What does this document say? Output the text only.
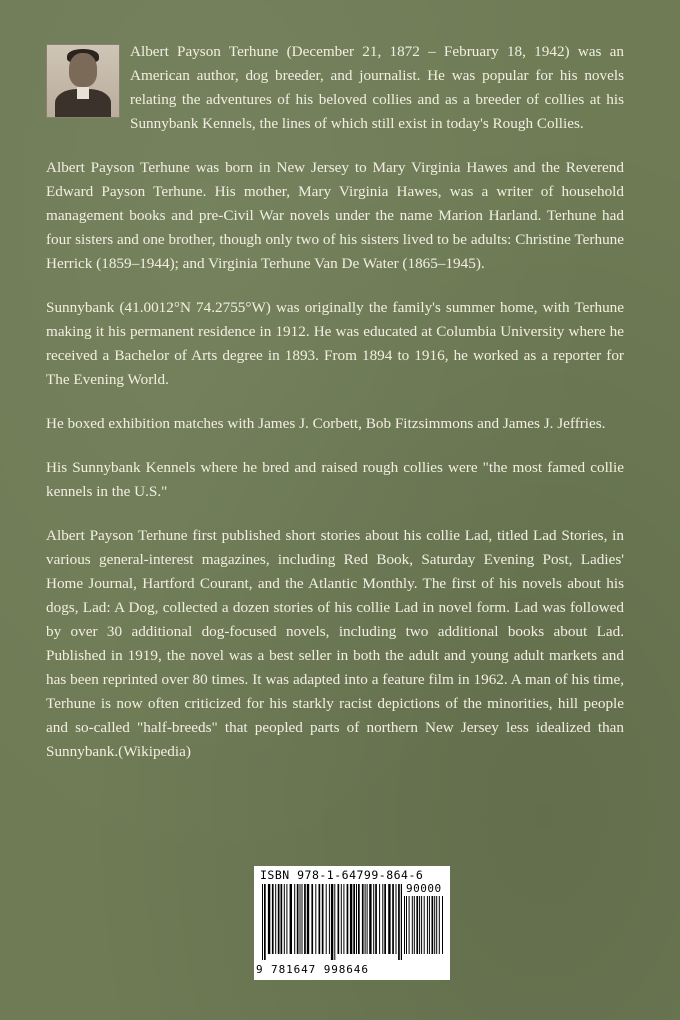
Albert Payson Terhune (December 21, 1872 – February 18, 1942) was an American author, dog breeder, and journalist. He was popular for his novels relating the adventures of his beloved collies and as a breeder of collies at his Sunnybank Kennels, the lines of which still exist in today's Rough Collies.

Albert Payson Terhune was born in New Jersey to Mary Virginia Hawes and the Reverend Edward Payson Terhune. His mother, Mary Virginia Hawes, was a writer of household management books and pre-Civil War novels under the name Marion Harland. Terhune had four sisters and one brother, though only two of his sisters lived to be adults: Christine Terhune Herrick (1859–1944); and Virginia Terhune Van De Water (1865–1945).

Sunnybank (41.0012°N 74.2755°W) was originally the family's summer home, with Terhune making it his permanent residence in 1912. He was educated at Columbia University where he received a Bachelor of Arts degree in 1893. From 1894 to 1916, he worked as a reporter for The Evening World.

He boxed exhibition matches with James J. Corbett, Bob Fitzsimmons and James J. Jeffries.

His Sunnybank Kennels where he bred and raised rough collies were "the most famed collie kennels in the U.S."

Albert Payson Terhune first published short stories about his collie Lad, titled Lad Stories, in various general-interest magazines, including Red Book, Saturday Evening Post, Ladies' Home Journal, Hartford Courant, and the Atlantic Monthly. The first of his novels about his dogs, Lad: A Dog, collected a dozen stories of his collie Lad in novel form. Lad was followed by over 30 additional dog-focused novels, including two additional books about Lad. Published in 1919, the novel was a best seller in both the adult and young adult markets and has been reprinted over 80 times. It was adapted into a feature film in 1962. A man of his time, Terhune is now often criticized for his starkly racist depictions of the minorities, hill people and so-called "half-breeds" that peopled parts of northern New Jersey less idealized than Sunnybank.(Wikipedia)

ISBN 978-1-64799-864-6
90000
9 781647 998646
